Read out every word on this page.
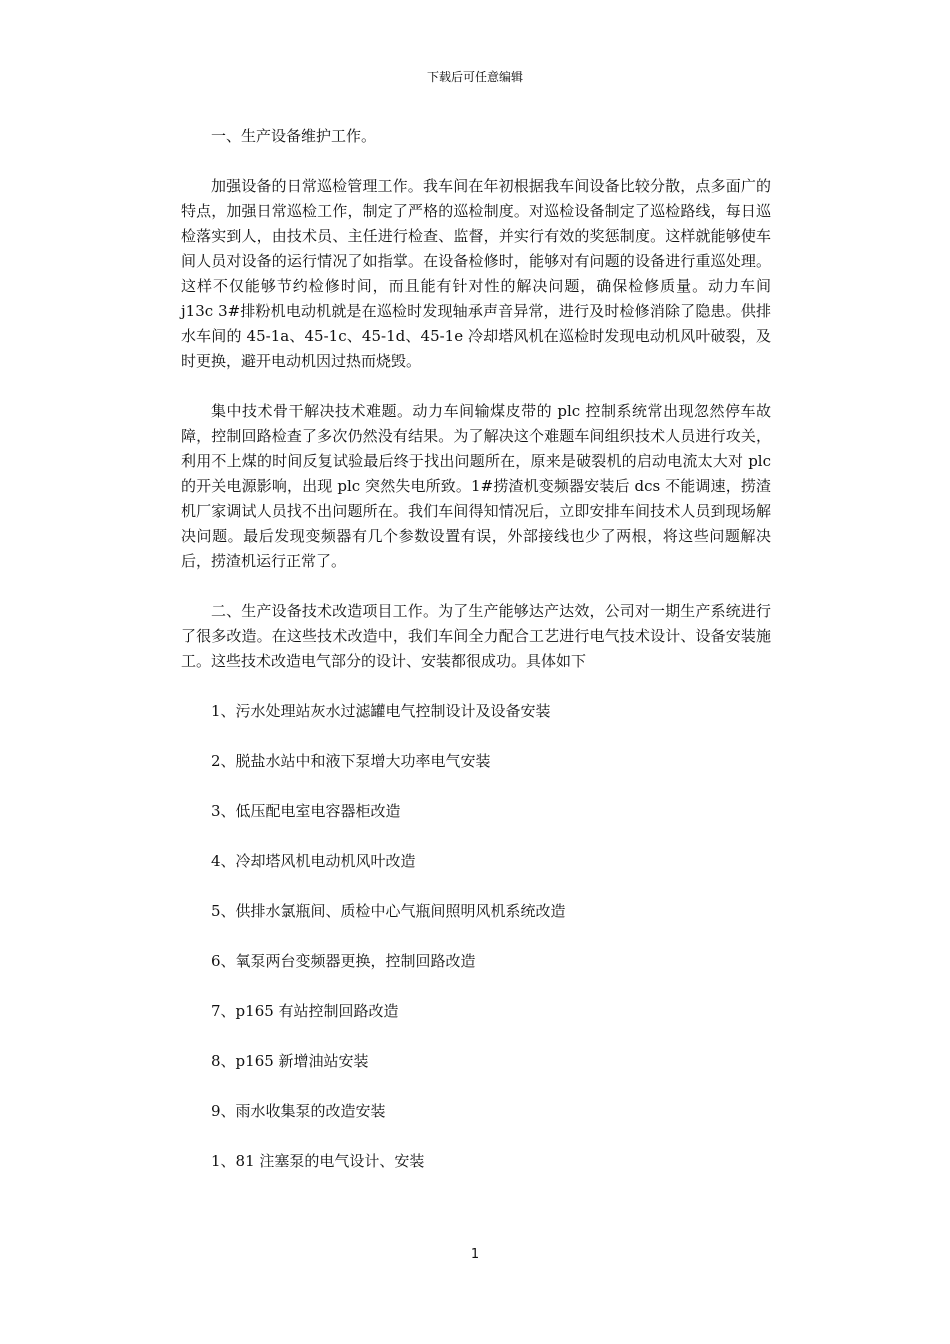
下载后可任意编辑

一、生产设备维护工作。

加强设备的日常巡检管理工作。我车间在年初根据我车间设备比较分散，点多面广的特点，加强日常巡检工作，制定了严格的巡检制度。对巡检设备制定了巡检路线，每日巡检落实到人，由技术员、主任进行检查、监督，并实行有效的奖惩制度。这样就能够使车间人员对设备的运行情况了如指掌。在设备检修时，能够对有问题的设备进行重巡处理。这样不仅能够节约检修时间，而且能有针对性的解决问题，确保检修质量。动力车间 j13c 3#排粉机电动机就是在巡检时发现轴承声音异常，进行及时检修消除了隐患。供排水车间的 45-1a、45-1c、45-1d、45-1e 冷却塔风机在巡检时发现电动机风叶破裂，及时更换，避开电动机因过热而烧毁。

集中技术骨干解决技术难题。动力车间输煤皮带的 plc 控制系统常出现忽然停车故障，控制回路检查了多次仍然没有结果。为了解决这个难题车间组织技术人员进行攻关，利用不上煤的时间反复试验最后终于找出问题所在，原来是破裂机的启动电流太大对 plc 的开关电源影响，出现 plc 突然失电所致。1#捞渣机变频器安装后 dcs 不能调速，捞渣机厂家调试人员找不出问题所在。我们车间得知情况后，立即安排车间技术人员到现场解决问题。最后发现变频器有几个参数设置有误，外部接线也少了两根，将这些问题解决后，捞渣机运行正常了。

二、生产设备技术改造项目工作。为了生产能够达产达效，公司对一期生产系统进行了很多改造。在这些技术改造中，我们车间全力配合工艺进行电气技术设计、设备安装施工。这些技术改造电气部分的设计、安装都很成功。具体如下

1、污水处理站灰水过滤罐电气控制设计及设备安装
2、脱盐水站中和液下泵增大功率电气安装
3、低压配电室电容器柜改造
4、冷却塔风机电动机风叶改造
5、供排水氯瓶间、质检中心气瓶间照明风机系统改造
6、氧泵两台变频器更换，控制回路改造
7、p165 有站控制回路改造
8、p165 新增油站安装
9、雨水收集泵的改造安装
1、81 注塞泵的电气设计、安装
1
